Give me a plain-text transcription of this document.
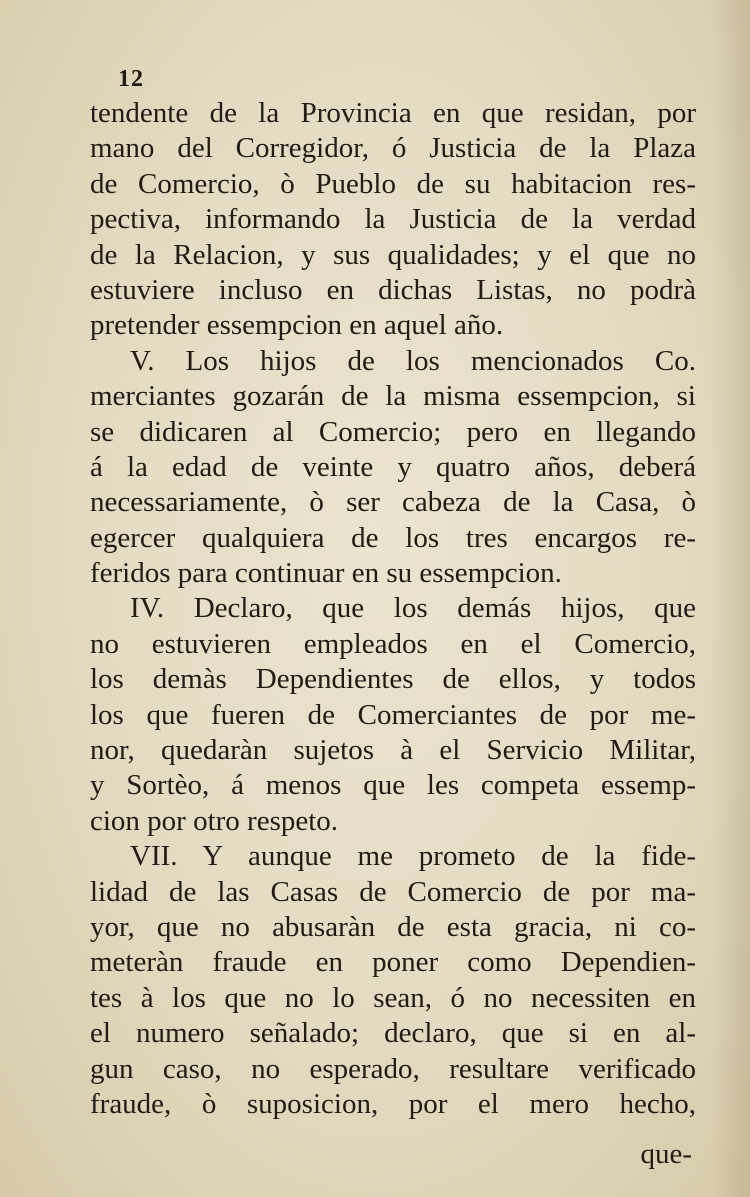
12
tendente de la Provincia en que residan, por
mano del Corregidor, ó Justicia de la Plaza
de Comercio, ò Pueblo de su habitacion res-
pectiva, informando la Justicia de la verdad
de la Relacion, y sus qualidades; y el que no
estuviere incluso en dichas Listas, no podrà
pretender essempcion en aquel año.
V. Los hijos de los mencionados Co.
merciantes gozarán de la misma essempcion, si
se didicaren al Comercio; pero en llegando
á la edad de veinte y quatro años, deberá
necessariamente, ò ser cabeza de la Casa, ò
egercer qualquiera de los tres encargos re-
feridos para continuar en su essempcion.
IV. Declaro, que los demás hijos, que
no estuvieren empleados en el Comercio,
los demàs Dependientes de ellos, y todos
los que fueren de Comerciantes de por me-
nor, quedaràn sujetos à el Servicio Militar,
y Sortèo, á menos que les competa essemp-
cion por otro respeto.
VII. Y aunque me prometo de la fide-
lidad de las Casas de Comercio de por ma-
yor, que no abusaràn de esta gracia, ni co-
meteràn fraude en poner como Dependien-
tes à los que no lo sean, ó no necessiten en
el numero señalado; declaro, que si en al-
gun caso, no esperado, resultare verificado
fraude, ò suposicion, por el mero hecho,
que-
